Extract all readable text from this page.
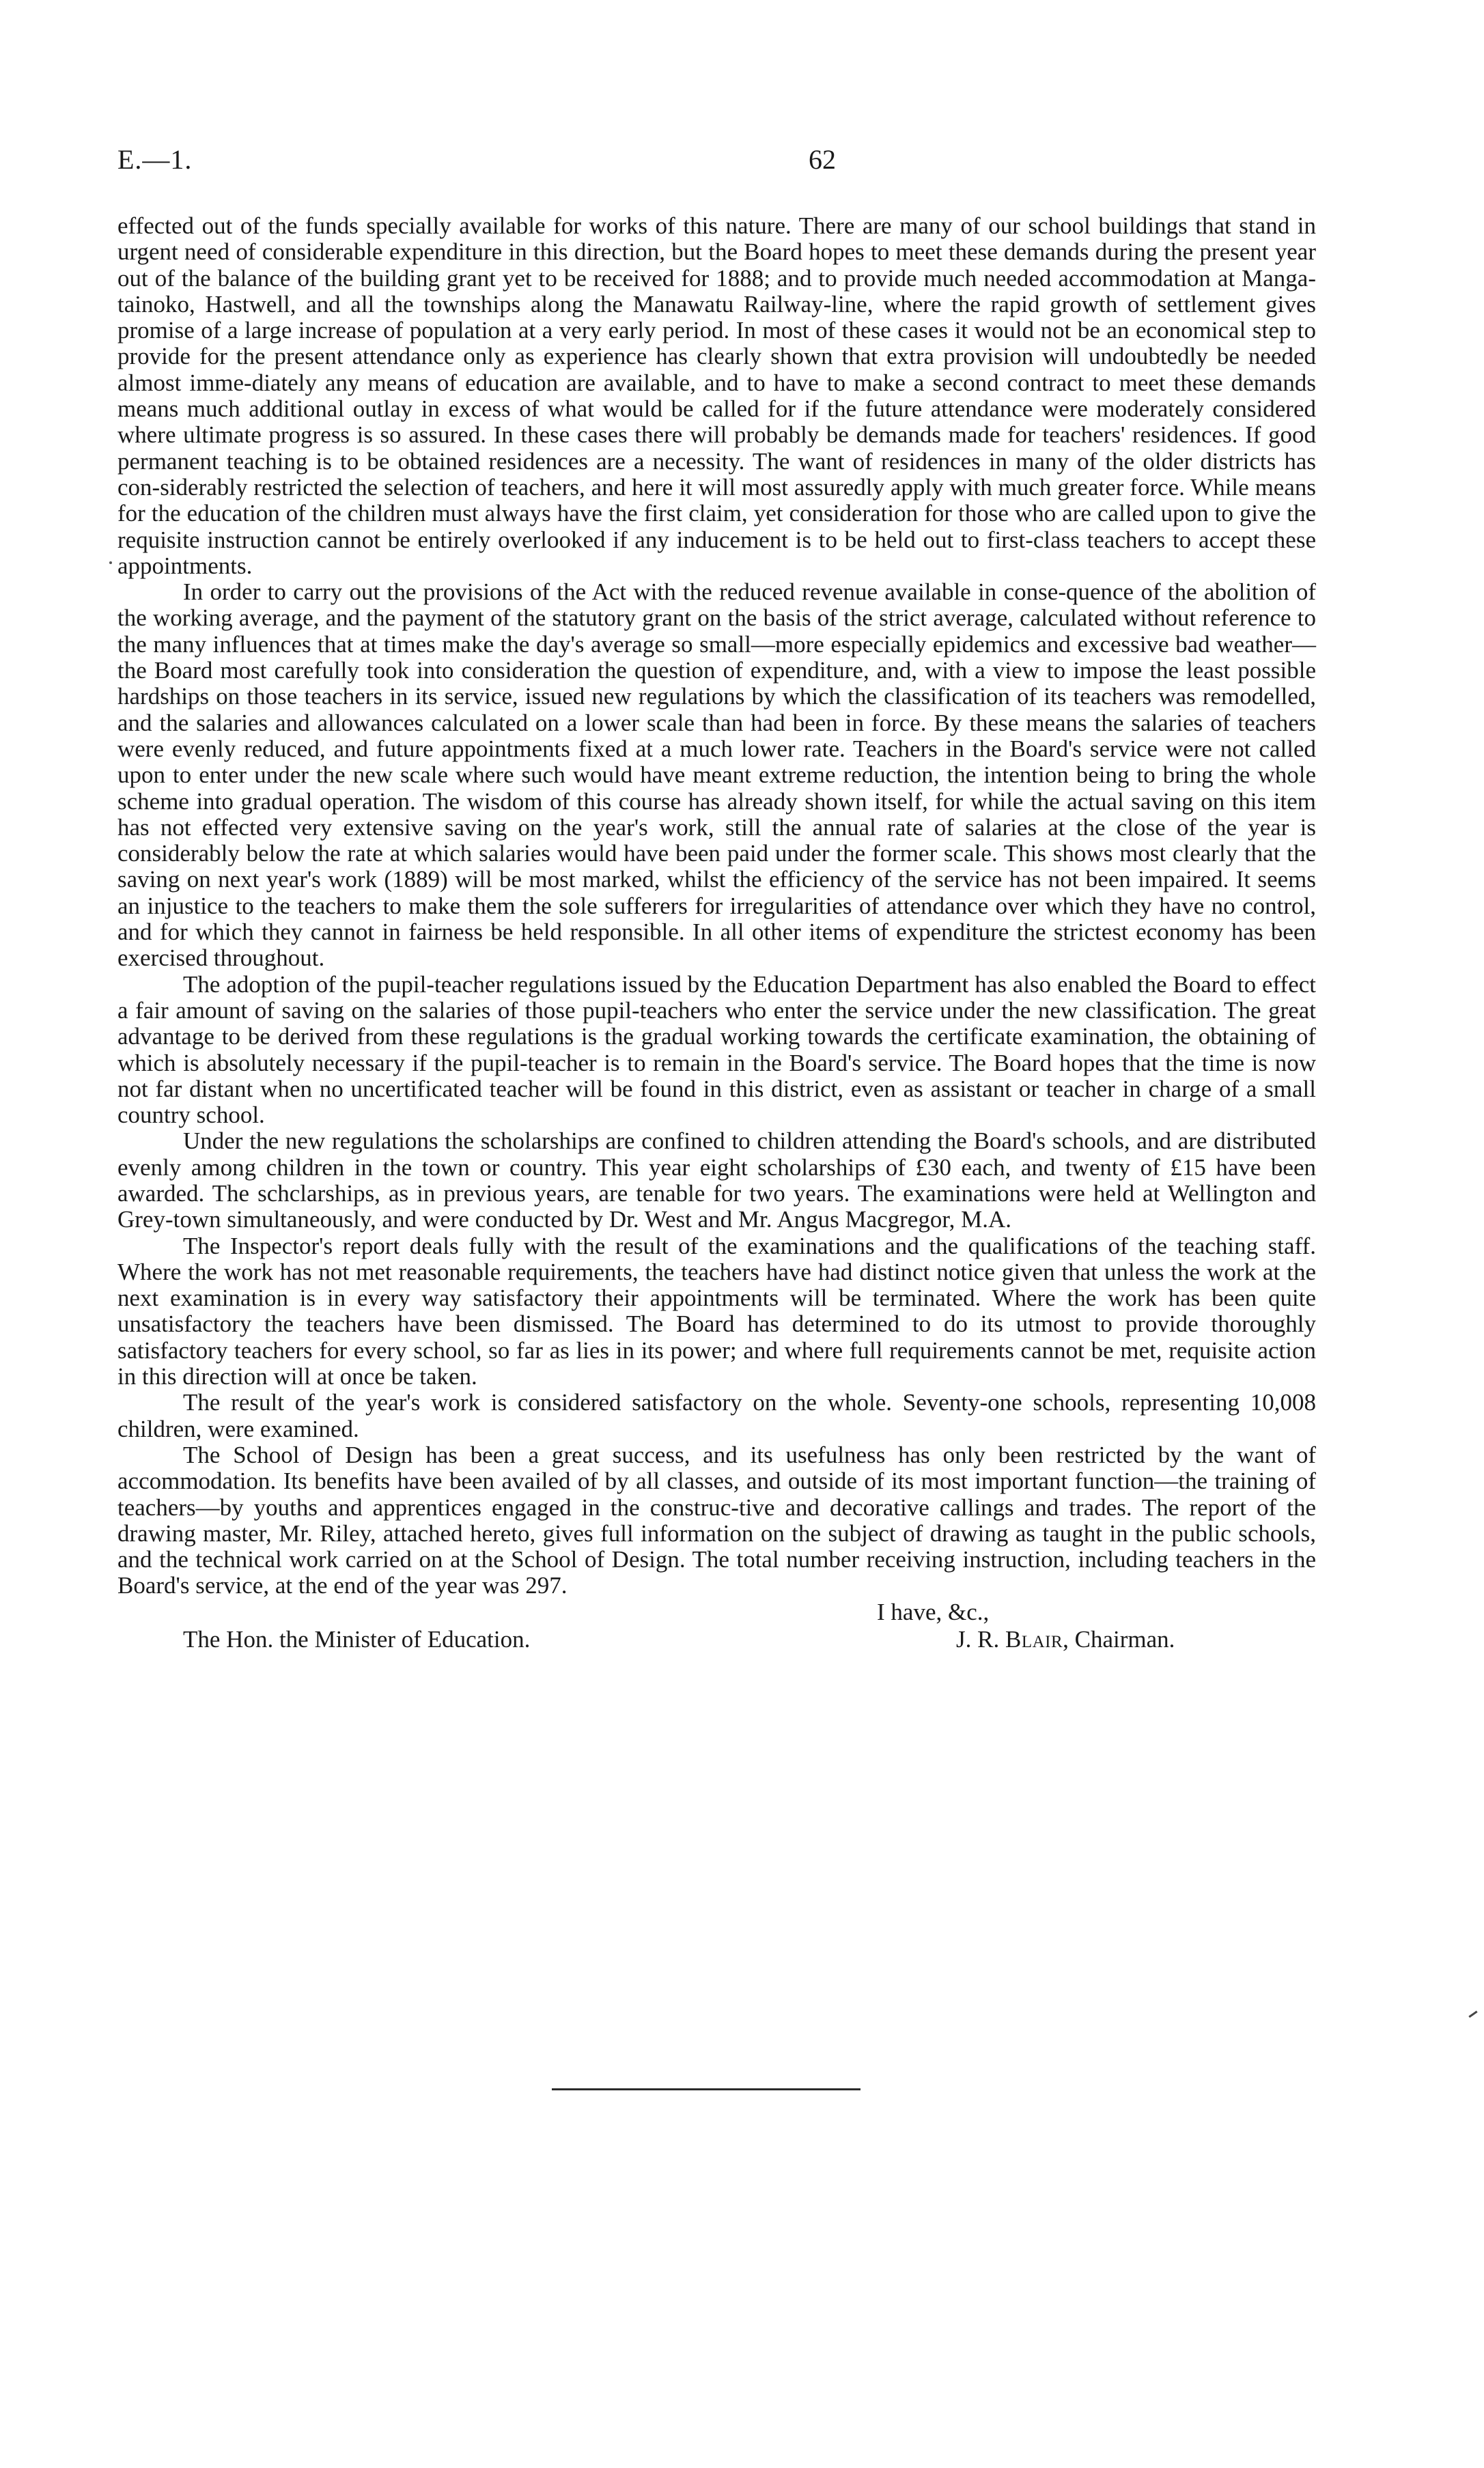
E.—1.	62

effected out of the funds specially available for works of this nature. There are many of our school buildings that stand in urgent need of considerable expenditure in this direction, but the Board hopes to meet these demands during the present year out of the balance of the building grant yet to be received for 1888; and to provide much needed accommodation at Manga-tainoko, Hastwell, and all the townships along the Manawatu Railway-line, where the rapid growth of settlement gives promise of a large increase of population at a very early period. In most of these cases it would not be an economical step to provide for the present attendance only as experience has clearly shown that extra provision will undoubtedly be needed almost imme-diately any means of education are available, and to have to make a second contract to meet these demands means much additional outlay in excess of what would be called for if the future attendance were moderately considered where ultimate progress is so assured. In these cases there will probably be demands made for teachers' residences. If good permanent teaching is to be obtained residences are a necessity. The want of residences in many of the older districts has con-siderably restricted the selection of teachers, and here it will most assuredly apply with much greater force. While means for the education of the children must always have the first claim, yet consideration for those who are called upon to give the requisite instruction cannot be entirely overlooked if any inducement is to be held out to first-class teachers to accept these appointments.

In order to carry out the provisions of the Act with the reduced revenue available in conse-quence of the abolition of the working average, and the payment of the statutory grant on the basis of the strict average, calculated without reference to the many influences that at times make the day's average so small—more especially epidemics and excessive bad weather—the Board most carefully took into consideration the question of expenditure, and, with a view to impose the least possible hardships on those teachers in its service, issued new regulations by which the classification of its teachers was remodelled, and the salaries and allowances calculated on a lower scale than had been in force. By these means the salaries of teachers were evenly reduced, and future appointments fixed at a much lower rate. Teachers in the Board's service were not called upon to enter under the new scale where such would have meant extreme reduction, the intention being to bring the whole scheme into gradual operation. The wisdom of this course has already shown itself, for while the actual saving on this item has not effected very extensive saving on the year's work, still the annual rate of salaries at the close of the year is considerably below the rate at which salaries would have been paid under the former scale. This shows most clearly that the saving on next year's work (1889) will be most marked, whilst the efficiency of the service has not been impaired. It seems an injustice to the teachers to make them the sole sufferers for irregularities of attendance over which they have no control, and for which they cannot in fairness be held responsible. In all other items of expenditure the strictest economy has been exercised throughout.

The adoption of the pupil-teacher regulations issued by the Education Department has also enabled the Board to effect a fair amount of saving on the salaries of those pupil-teachers who enter the service under the new classification. The great advantage to be derived from these regulations is the gradual working towards the certificate examination, the obtaining of which is absolutely necessary if the pupil-teacher is to remain in the Board's service. The Board hopes that the time is now not far distant when no uncertificated teacher will be found in this district, even as assistant or teacher in charge of a small country school.

Under the new regulations the scholarships are confined to children attending the Board's schools, and are distributed evenly among children in the town or country. This year eight scholarships of £30 each, and twenty of £15 have been awarded. The schclarships, as in previous years, are tenable for two years. The examinations were held at Wellington and Grey-town simultaneously, and were conducted by Dr. West and Mr. Angus Macgregor, M.A.

The Inspector's report deals fully with the result of the examinations and the qualifications of the teaching staff. Where the work has not met reasonable requirements, the teachers have had distinct notice given that unless the work at the next examination is in every way satisfactory their appointments will be terminated. Where the work has been quite unsatisfactory the teachers have been dismissed. The Board has determined to do its utmost to provide thoroughly satisfactory teachers for every school, so far as lies in its power; and where full requirements cannot be met, requisite action in this direction will at once be taken.

The result of the year's work is considered satisfactory on the whole. Seventy-one schools, representing 10,008 children, were examined.

The School of Design has been a great success, and its usefulness has only been restricted by the want of accommodation. Its benefits have been availed of by all classes, and outside of its most important function—the training of teachers—by youths and apprentices engaged in the construc-tive and decorative callings and trades. The report of the drawing master, Mr. Riley, attached hereto, gives full information on the subject of drawing as taught in the public schools, and the technical work carried on at the School of Design. The total number receiving instruction, including teachers in the Board's service, at the end of the year was 297.

I have, &c.,
The Hon. the Minister of Education.	J. R. Blair, Chairman.
